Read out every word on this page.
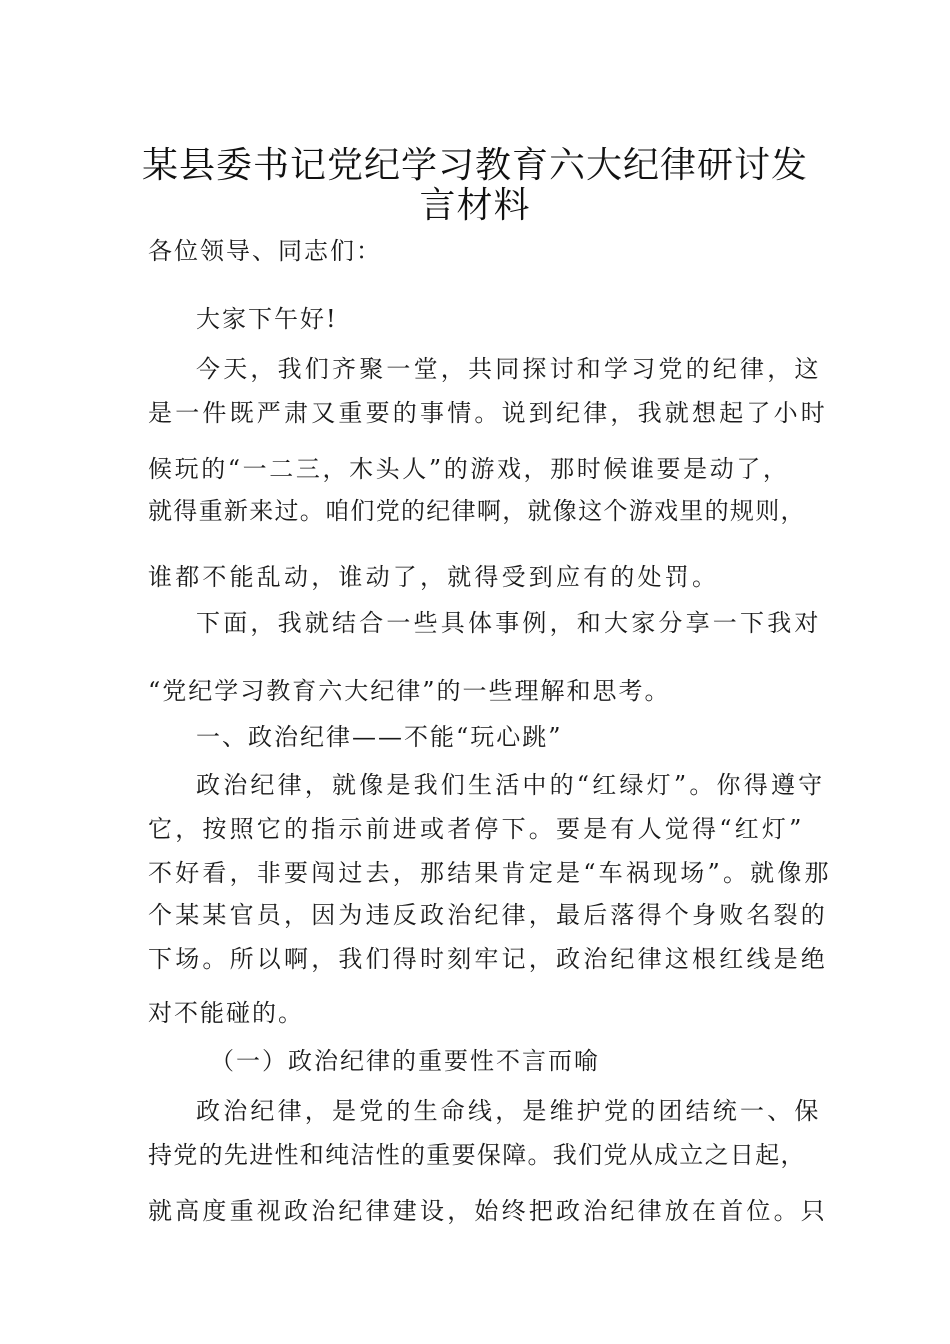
某县委书记党纪学习教育六大纪律研讨发
言材料
各位领导、同志们：
大家下午好!
今天，我们齐聚一堂，共同探讨和学习党的纪律，这
是一件既严肃又重要的事情。说到纪律，我就想起了小时
候玩的“一二三，木头人”的游戏，那时候谁要是动了，
就得重新来过。咱们党的纪律啊，就像这个游戏里的规则，
谁都不能乱动，谁动了，就得受到应有的处罚。
下面，我就结合一些具体事例，和大家分享一下我对
“党纪学习教育六大纪律”的一些理解和思考。
一、政治纪律——不能“玩心跳”
政治纪律，就像是我们生活中的“红绿灯”。你得遵守
它，按照它的指示前进或者停下。要是有人觉得“红灯”
不好看，非要闯过去，那结果肯定是“车祸现场”。就像那
个某某官员，因为违反政治纪律，最后落得个身败名裂的
下场。所以啊，我们得时刻牢记，政治纪律这根红线是绝
对不能碰的。
（一）政治纪律的重要性不言而喻
政治纪律，是党的生命线，是维护党的团结统一、保
持党的先进性和纯洁性的重要保障。我们党从成立之日起，
就高度重视政治纪律建设，始终把政治纪律放在首位。只
